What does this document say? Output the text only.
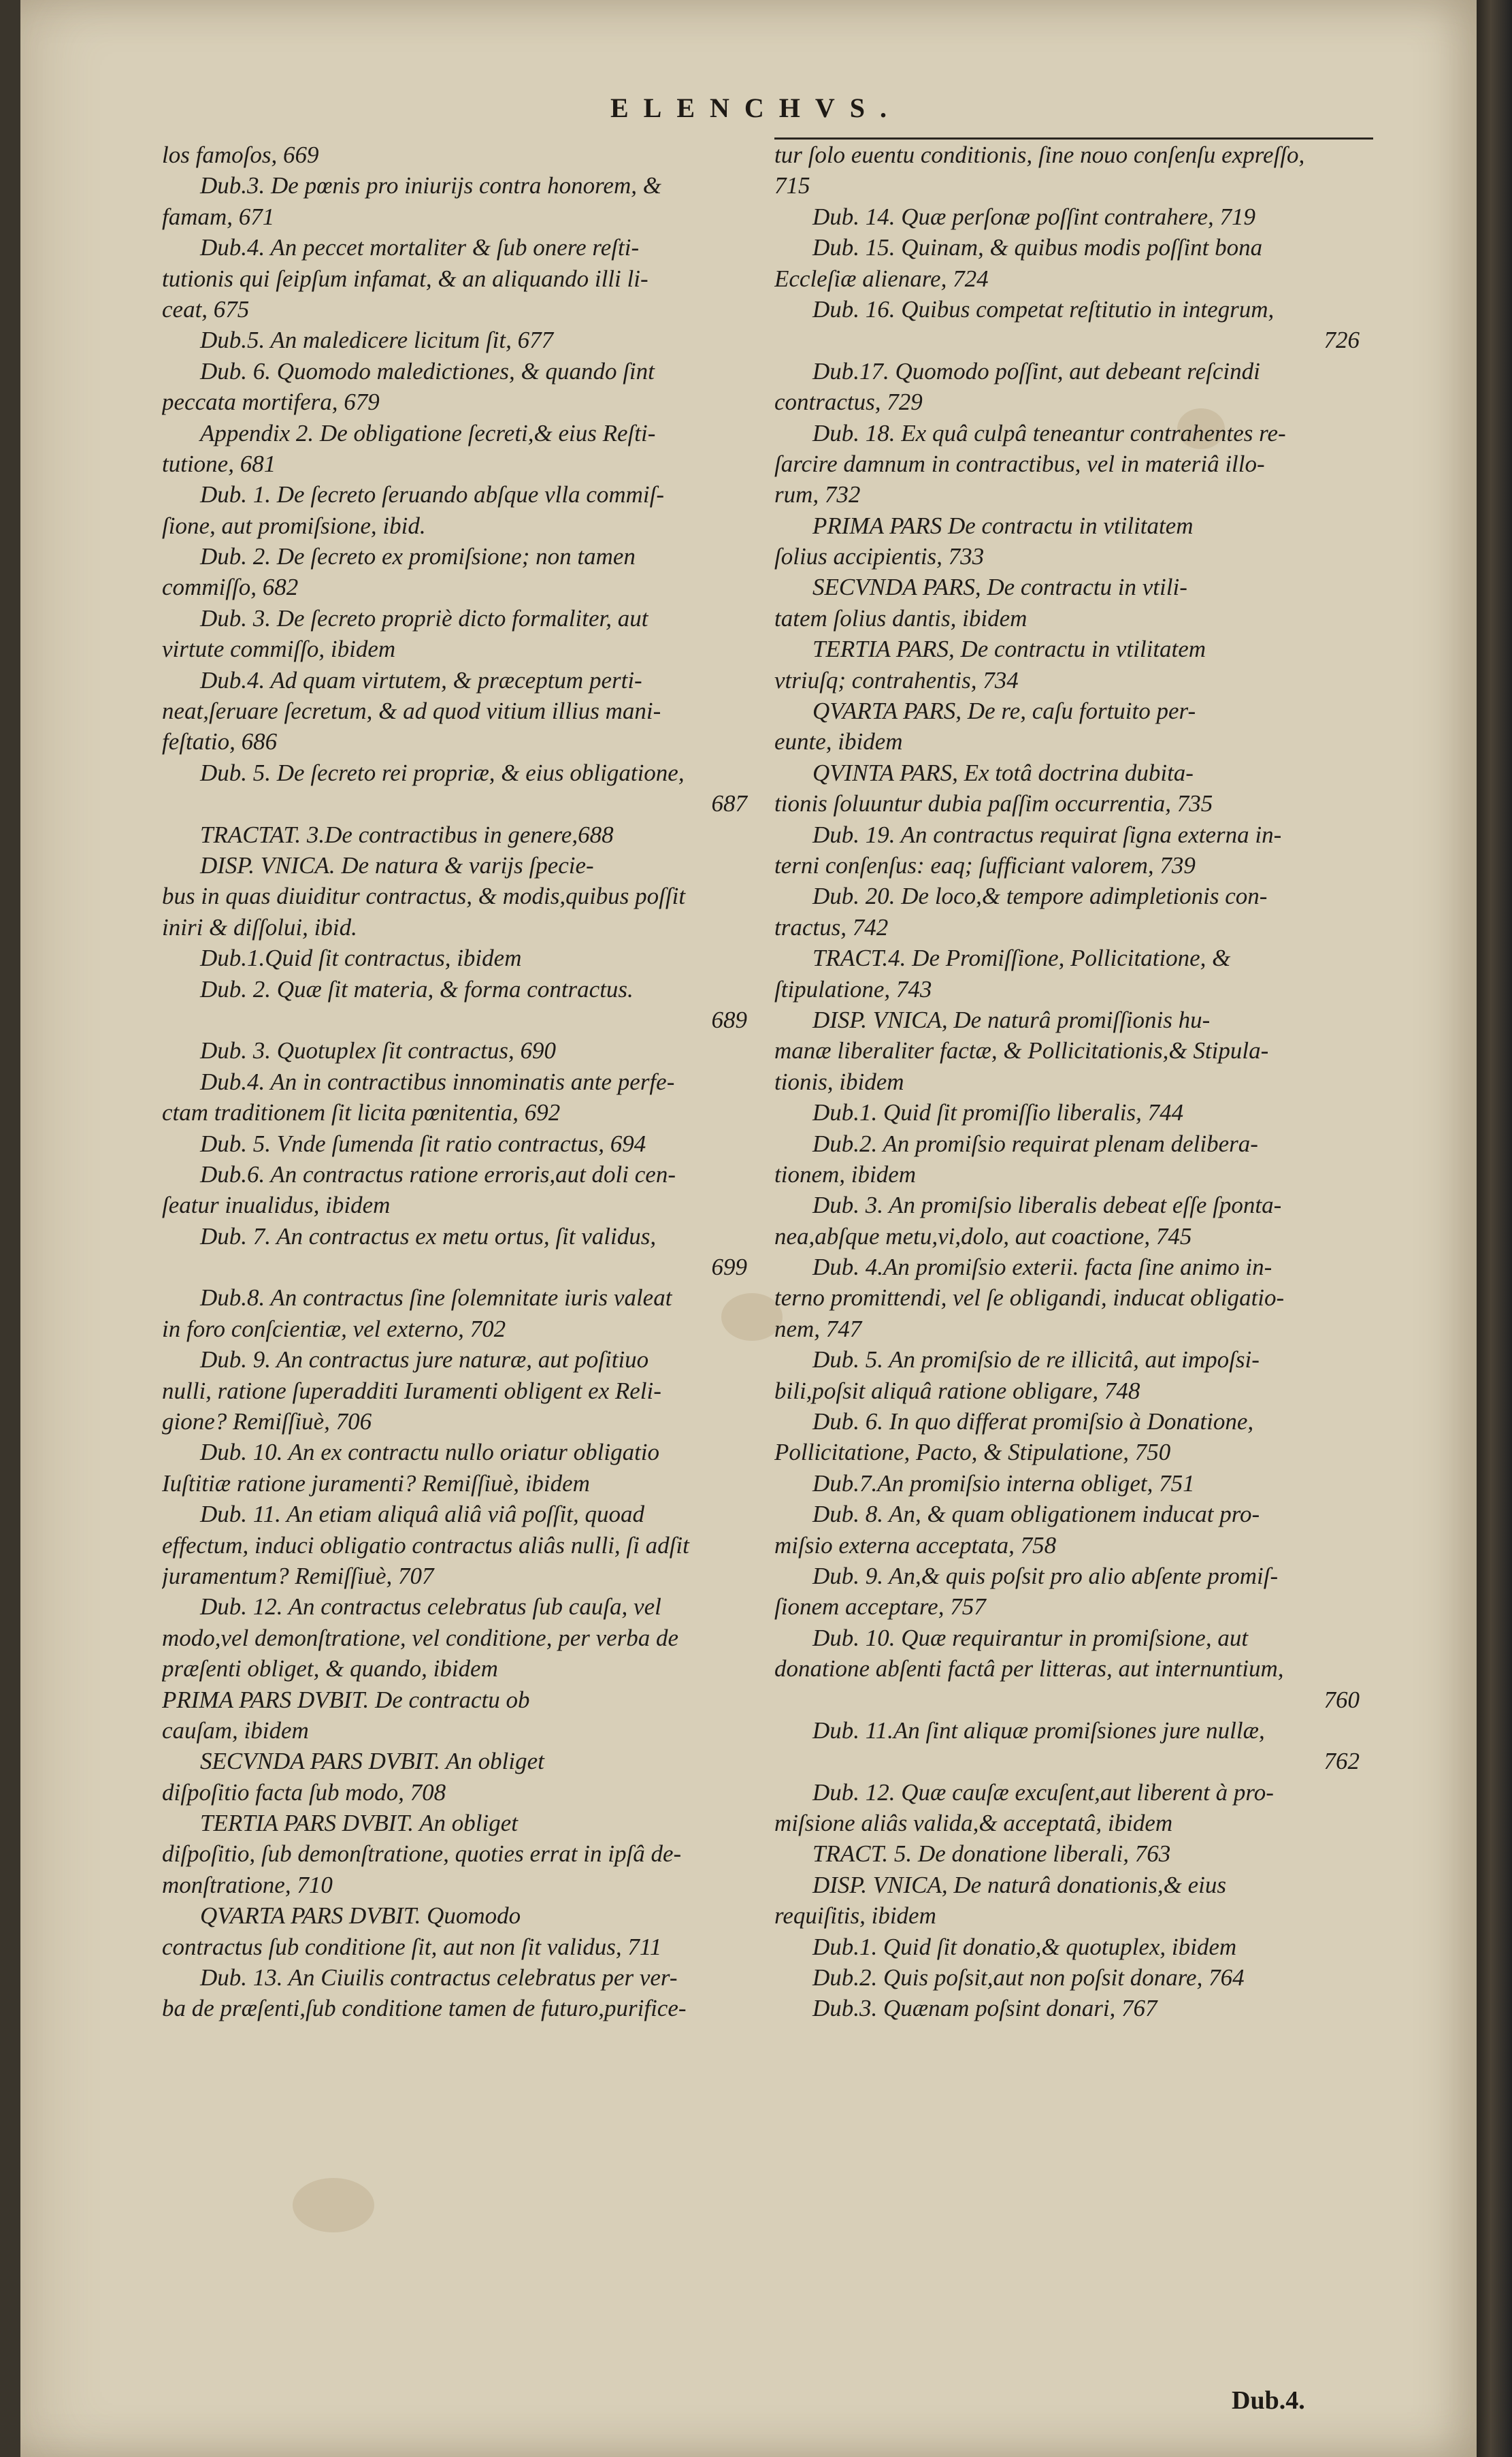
ELENCHVS.
los famoſos, 669
Dub.3. De pœnis pro iniurijs contra honorem, &
famam, 671
Dub.4. An peccet mortaliter & ſub onere reſti-
tutionis qui ſeipſum infamat, & an aliquando illi li-
ceat, 675
Dub.5. An maledicere licitum ſit, 677
Dub. 6. Quomodo maledictiones, & quando ſint
peccata mortifera, 679
Appendix 2. De obligatione ſecreti,& eius Reſti-
tutione, 681
Dub. 1. De ſecreto ſeruando abſque vlla commiſ-
ſione, aut promiſsione, ibid.
Dub. 2. De ſecreto ex promiſsione; non tamen
commiſſo, 682
Dub. 3. De ſecreto propriè dicto formaliter, aut
virtute commiſſo, ibidem
Dub.4. Ad quam virtutem, & præceptum perti-
neat,ſeruare ſecretum, & ad quod vitium illius mani-
feſtatio, 686
Dub. 5. De ſecreto rei propriæ, & eius obligatione,
687
TRACTAT. 3.De contractibus in genere,688
DISP. VNICA. De natura & varijs ſpecie-
bus in quas diuiditur contractus, & modis,quibus poſſit
iniri & diſſolui, ibid.
Dub.1.Quid ſit contractus, ibidem
Dub. 2. Quæ ſit materia, & forma contractus.
689
Dub. 3. Quotuplex ſit contractus, 690
Dub.4. An in contractibus innominatis ante perfe-
ctam traditionem ſit licita pœnitentia, 692
Dub. 5. Vnde ſumenda ſit ratio contractus, 694
Dub.6. An contractus ratione erroris,aut doli cen-
ſeatur inualidus, ibidem
Dub. 7. An contractus ex metu ortus, ſit validus,
699
Dub.8. An contractus ſine ſolemnitate iuris valeat
in foro conſcientiæ, vel externo, 702
Dub. 9. An contractus jure naturæ, aut poſitiuo
nulli, ratione ſuperadditi Iuramenti obligent ex Reli-
gione? Remiſſiuè, 706
Dub. 10. An ex contractu nullo oriatur obligatio
Iuſtitiæ ratione juramenti? Remiſſiuè, ibidem
Dub. 11. An etiam aliquâ aliâ viâ poſſit, quoad
effectum, induci obligatio contractus aliâs nulli, ſi adſit
juramentum? Remiſſiuè, 707
Dub. 12. An contractus celebratus ſub cauſa, vel
modo,vel demonſtratione, vel conditione, per verba de
præſenti obliget, & quando, ibidem
PRIMA PARS DVBIT. De contractu ob
cauſam, ibidem
SECVNDA PARS DVBIT. An obliget
diſpoſitio facta ſub modo, 708
TERTIA PARS DVBIT. An obliget
diſpoſitio, ſub demonſtratione, quoties errat in ipſâ de-
monſtratione, 710
QVARTA PARS DVBIT. Quomodo
contractus ſub conditione ſit, aut non ſit validus, 711
Dub. 13. An Ciuilis contractus celebratus per ver-
ba de præſenti,ſub conditione tamen de futuro,purifice-
tur ſolo euentu conditionis, ſine nouo conſenſu expreſſo,
715
Dub. 14. Quæ perſonæ poſſint contrahere, 719
Dub. 15. Quinam, & quibus modis poſſint bona
Eccleſiæ alienare, 724
Dub. 16. Quibus competat reſtitutio in integrum,
726
Dub.17. Quomodo poſſint, aut debeant reſcindi
contractus, 729
Dub. 18. Ex quâ culpâ teneantur contrahentes re-
ſarcire damnum in contractibus, vel in materiâ illo-
rum, 732
PRIMA PARS De contractu in vtilitatem
ſolius accipientis, 733
SECVNDA PARS, De contractu in vtili-
tatem ſolius dantis, ibidem
TERTIA PARS, De contractu in vtilitatem
vtriuſq; contrahentis, 734
QVARTA PARS, De re, caſu fortuito per-
eunte, ibidem
QVINTA PARS, Ex totâ doctrina dubita-
tionis ſoluuntur dubia paſſim occurrentia, 735
Dub. 19. An contractus requirat ſigna externa in-
terni conſenſus: eaq; ſufficiant valorem, 739
Dub. 20. De loco,& tempore adimpletionis con-
tractus, 742
TRACT.4. De Promiſſione, Pollicitatione, &
ſtipulatione, 743
DISP. VNICA, De naturâ promiſſionis hu-
manæ liberaliter factæ, & Pollicitationis,& Stipula-
tionis, ibidem
Dub.1. Quid ſit promiſſio liberalis, 744
Dub.2. An promiſsio requirat plenam delibera-
tionem, ibidem
Dub. 3. An promiſsio liberalis debeat eſſe ſponta-
nea,abſque metu,vi,dolo, aut coactione, 745
Dub. 4.An promiſsio exterii. facta ſine animo in-
terno promittendi, vel ſe obligandi, inducat obligatio-
nem, 747
Dub. 5. An promiſsio de re illicitâ, aut impoſsi-
bili,poſsit aliquâ ratione obligare, 748
Dub. 6. In quo differat promiſsio à Donatione,
Pollicitatione, Pacto, & Stipulatione, 750
Dub.7.An promiſsio interna obliget, 751
Dub. 8. An, & quam obligationem inducat pro-
miſsio externa acceptata, 758
Dub. 9. An,& quis poſsit pro alio abſente promiſ-
ſionem acceptare, 757
Dub. 10. Quæ requirantur in promiſsione, aut
donatione abſenti factâ per litteras, aut internuntium,
760
Dub. 11.An ſint aliquæ promiſsiones jure nullæ,
762
Dub. 12. Quæ cauſæ excuſent,aut liberent à pro-
miſsione aliâs valida,& acceptatâ, ibidem
TRACT. 5. De donatione liberali, 763
DISP. VNICA, De naturâ donationis,& eius
requiſitis, ibidem
Dub.1. Quid ſit donatio,& quotuplex, ibidem
Dub.2. Quis poſsit,aut non poſsit donare, 764
Dub.3. Quænam poſsint donari, 767
Dub.4.
